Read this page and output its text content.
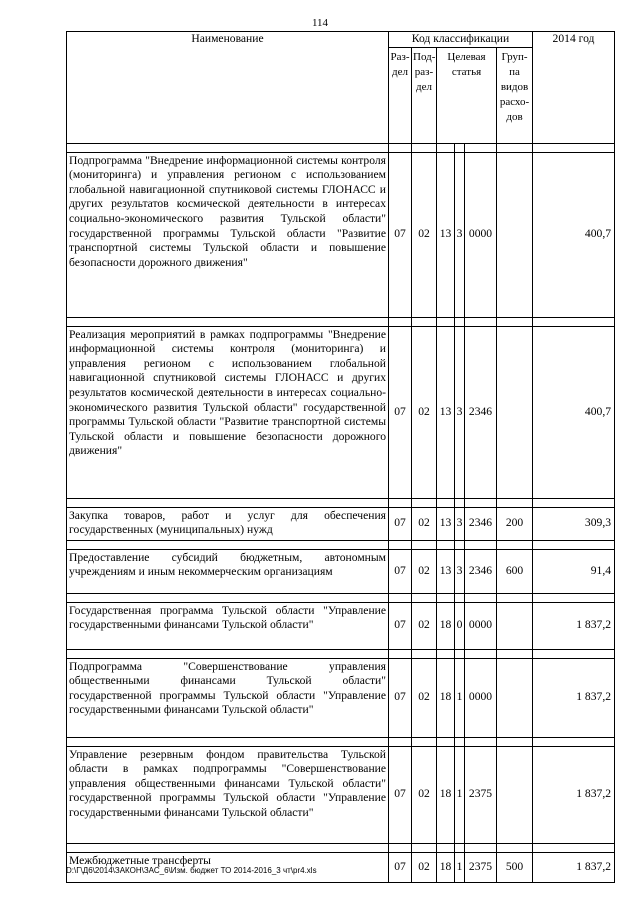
114
Наименование	Код классификации						2014 год
	Раз-дел	Под-раз-дел	Целевая статья			Груп-па видов расхо-дов	

Подпрограмма "Внедрение информационной системы контроля (мониторинга) и управления регионом с использованием глобальной навигационной спутниковой системы ГЛОНАСС и других результатов космической деятельности в интересах социально-экономического развития Тульской области" государственной программы Тульской области "Развитие транспортной системы Тульской области и повышение безопасности дорожного движения"	07	02	13	3	0000		400,7

Реализация мероприятий в рамках подпрограммы "Внедрение информационной системы контроля (мониторинга) и управления регионом с использованием глобальной навигационной спутниковой системы ГЛОНАСС и других результатов космической деятельности в интересах социально-экономического развития Тульской области" государственной программы Тульской области "Развитие транспортной системы Тульской области и повышение безопасности дорожного движения"	07	02	13	3	2346		400,7

Закупка товаров, работ и услуг для обеспечения государственных (муниципальных) нужд	07	02	13	3	2346	200	309,3

Предоставление субсидий бюджетным, автономным учреждениям и иным некоммерческим организациям	07	02	13	3	2346	600	91,4

Государственная программа Тульской области "Управление государственными финансами Тульской области"	07	02	18	0	0000		1 837,2

Подпрограмма "Совершенствование управления общественными финансами Тульской области" государственной программы Тульской области "Управление государственными финансами Тульской области"	07	02	18	1	0000		1 837,2

Управление резервным фондом правительства Тульской области в рамках подпрограммы "Совершенствование управления общественными финансами Тульской области" государственной программы Тульской области "Управление государственными финансами Тульской области"	07	02	18	1	2375		1 837,2

Межбюджетные трансферты	07	02	18	1	2375	500	1 837,2
D:\Г\Д6\2014\ЗАКОН\ЗАС_6\Изм. бюджет ТО 2014-2016_3 чт\pr4.xls
